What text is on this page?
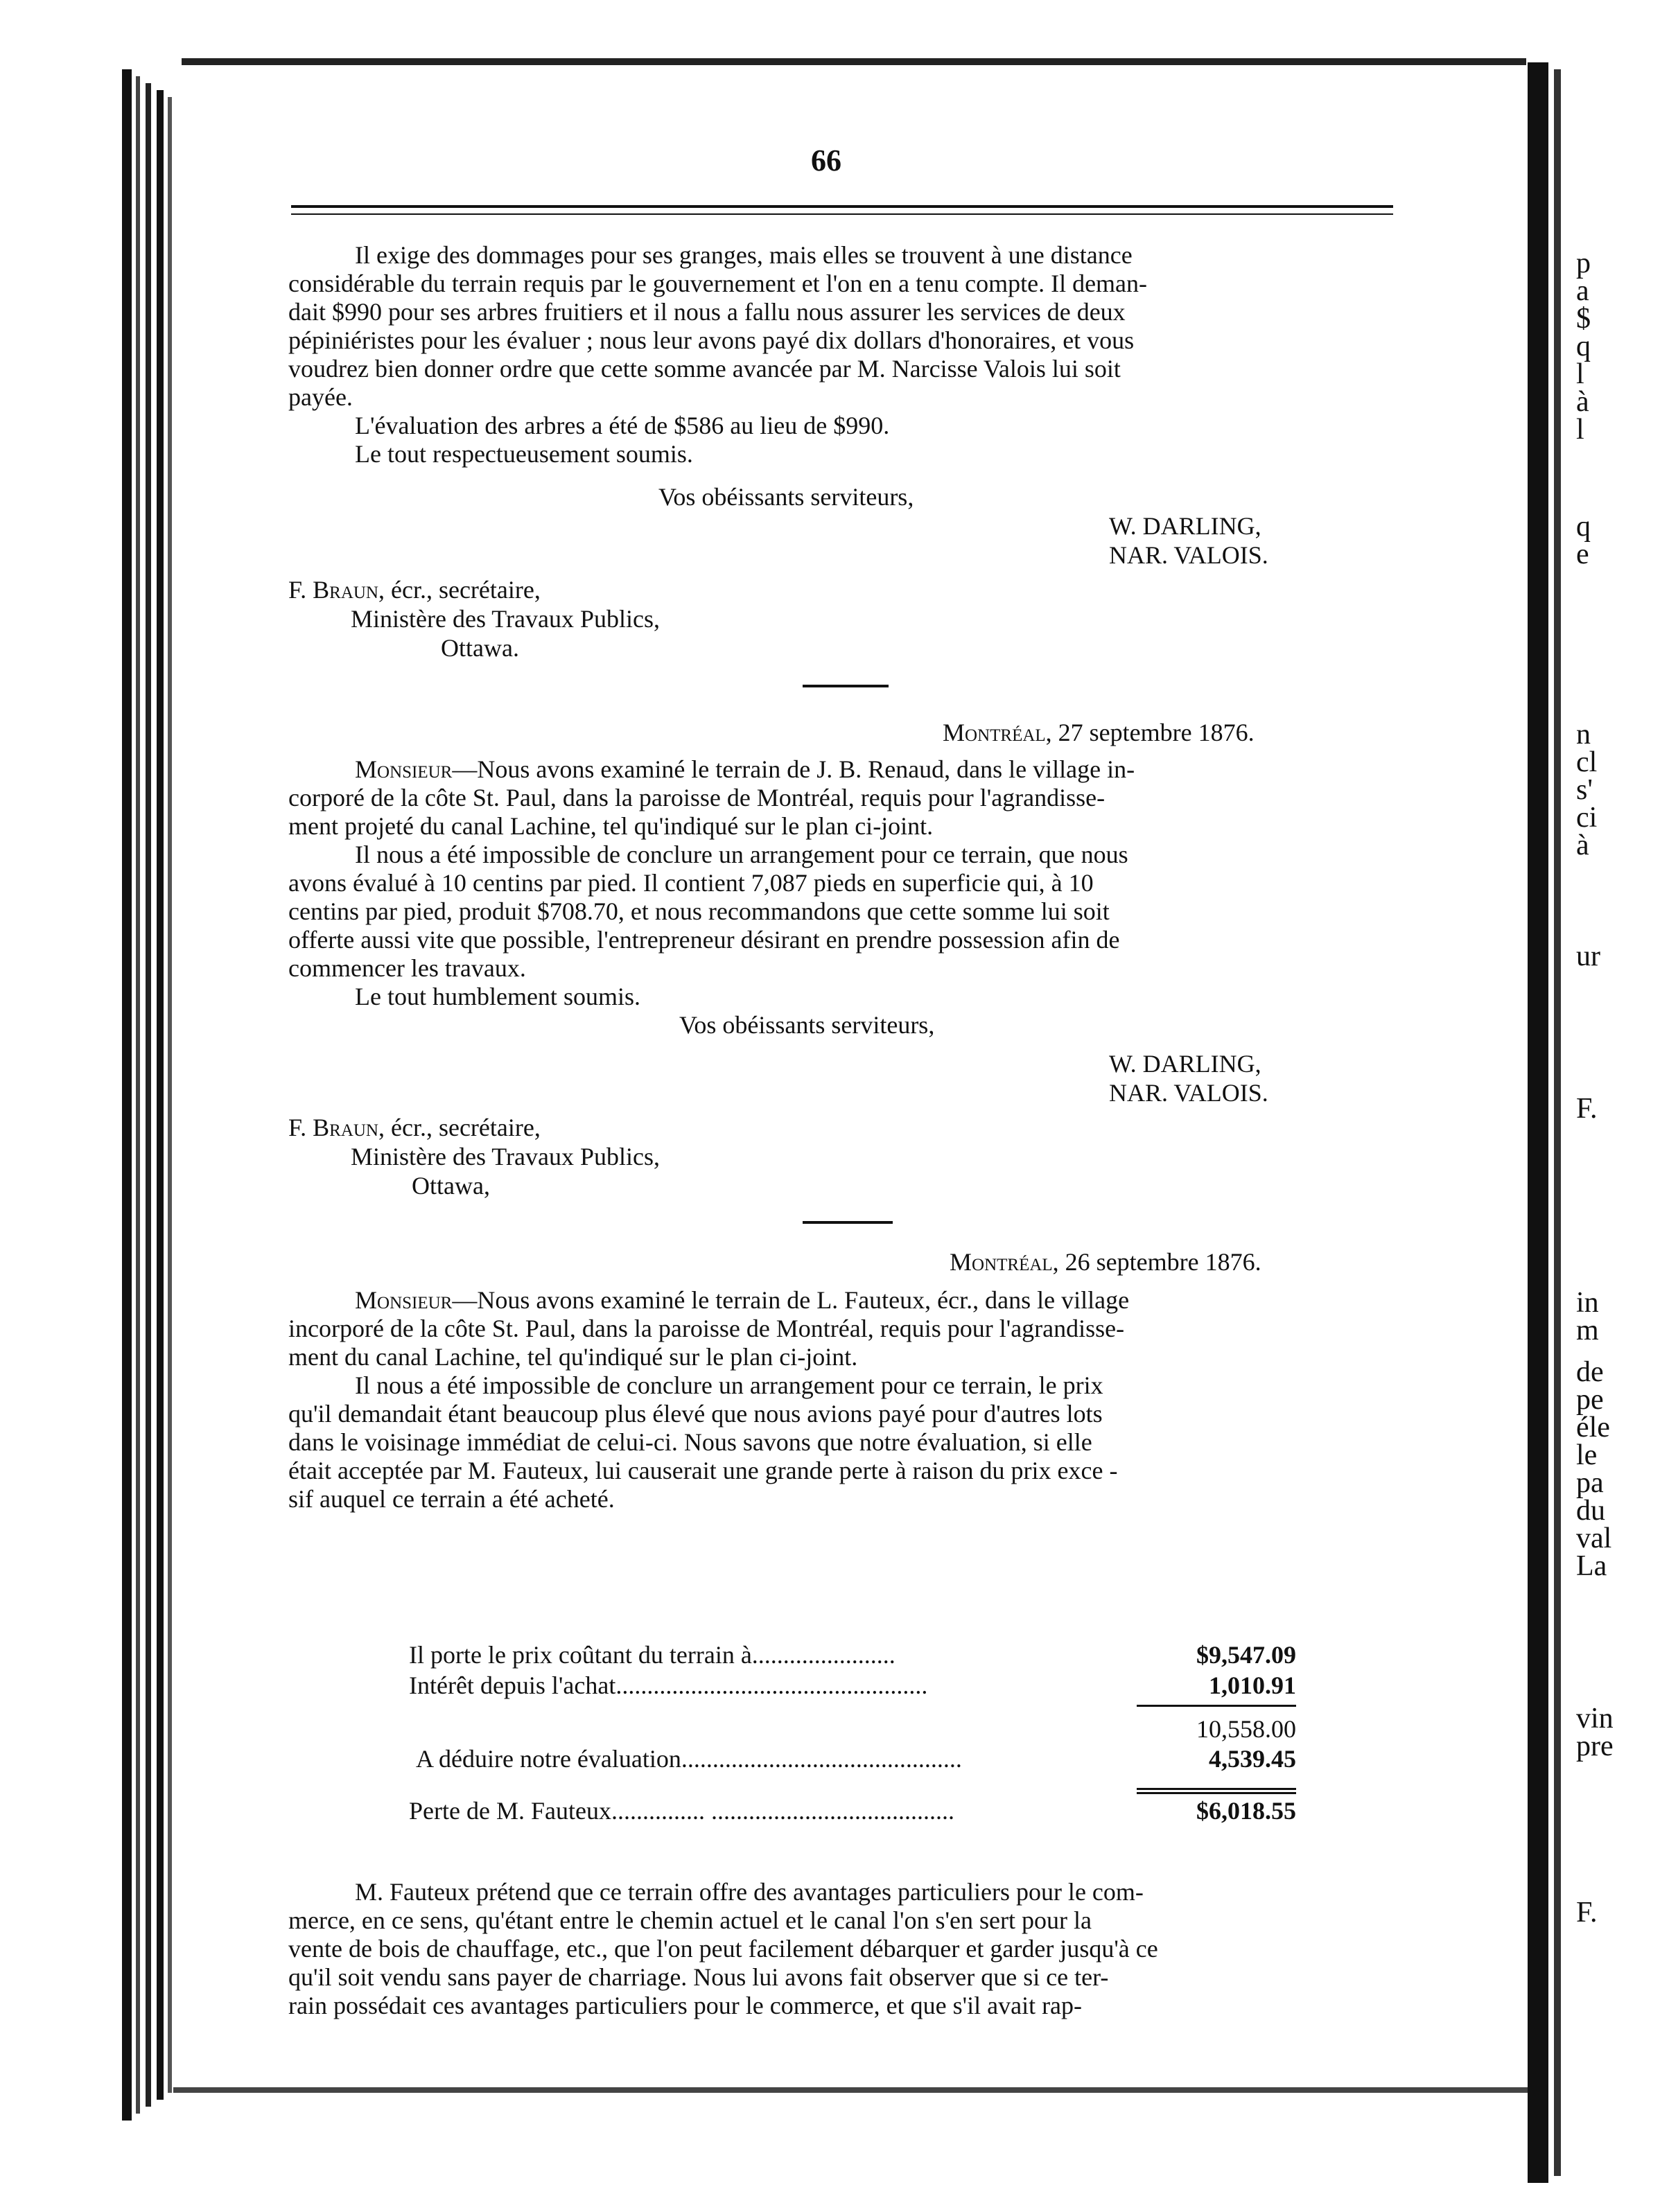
p
a
$
q
l
à
l
q
e
n
cl
s'
ci
à
ur
F.
in
m
de
pe
éle
le
pa
du
val
La
vin
pre
F.
66
Il exige des dommages pour ses granges, mais elles se trouvent à une distance
considérable du terrain requis par le gouvernement et l'on en a tenu compte. Il deman-
dait $990 pour ses arbres fruitiers et il nous a fallu nous assurer les services de deux
pépiniéristes pour les évaluer ; nous leur avons payé dix dollars d'honoraires, et vous
voudrez bien donner ordre que cette somme avancée par M. Narcisse Valois lui soit
payée.
L'évaluation des arbres a été de $586 au lieu de $990.
Le tout respectueusement soumis.
Vos obéissants serviteurs,
W. DARLING,
NAR. VALOIS.
F. Braun, écr., secrétaire,
Ministère des Travaux Publics,
Ottawa.
Montréal, 27 septembre 1876.
Monsieur—Nous avons examiné le terrain de J. B. Renaud, dans le village in-
corporé de la côte St. Paul, dans la paroisse de Montréal, requis pour l'agrandisse-
ment projeté du canal Lachine, tel qu'indiqué sur le plan ci-joint.
Il nous a été impossible de conclure un arrangement pour ce terrain, que nous
avons évalué à 10 centins par pied. Il contient 7,087 pieds en superficie qui, à 10
centins par pied, produit $708.70, et nous recommandons que cette somme lui soit
offerte aussi vite que possible, l'entrepreneur désirant en prendre possession afin de
commencer les travaux.
Le tout humblement soumis.
Vos obéissants serviteurs,
W. DARLING,
NAR. VALOIS.
F. Braun, écr., secrétaire,
Ministère des Travaux Publics,
Ottawa,
Montréal, 26 septembre 1876.
Monsieur—Nous avons examiné le terrain de L. Fauteux, écr., dans le village
incorporé de la côte St. Paul, dans la paroisse de Montréal, requis pour l'agrandisse-
ment du canal Lachine, tel qu'indiqué sur le plan ci-joint.
Il nous a été impossible de conclure un arrangement pour ce terrain, le prix
qu'il demandait étant beaucoup plus élevé que nous avions payé pour d'autres lots
dans le voisinage immédiat de celui-ci. Nous savons que notre évaluation, si elle
était acceptée par M. Fauteux, lui causerait une grande perte à raison du prix exce -
sif auquel ce terrain a été acheté.
Il porte le prix coûtant du terrain à.......................	$9,547.09
Intérêt depuis l'achat..................................................	1,010.91
	10,558.00
A déduire notre évaluation.............................................	4,539.45
Perte de M. Fauteux............... .......................................	$6,018.55
M. Fauteux prétend que ce terrain offre des avantages particuliers pour le com-
merce, en ce sens, qu'étant entre le chemin actuel et le canal l'on s'en sert pour la
vente de bois de chauffage, etc., que l'on peut facilement débarquer et garder jusqu'à ce
qu'il soit vendu sans payer de charriage. Nous lui avons fait observer que si ce ter-
rain possédait ces avantages particuliers pour le commerce, et que s'il avait rap-
